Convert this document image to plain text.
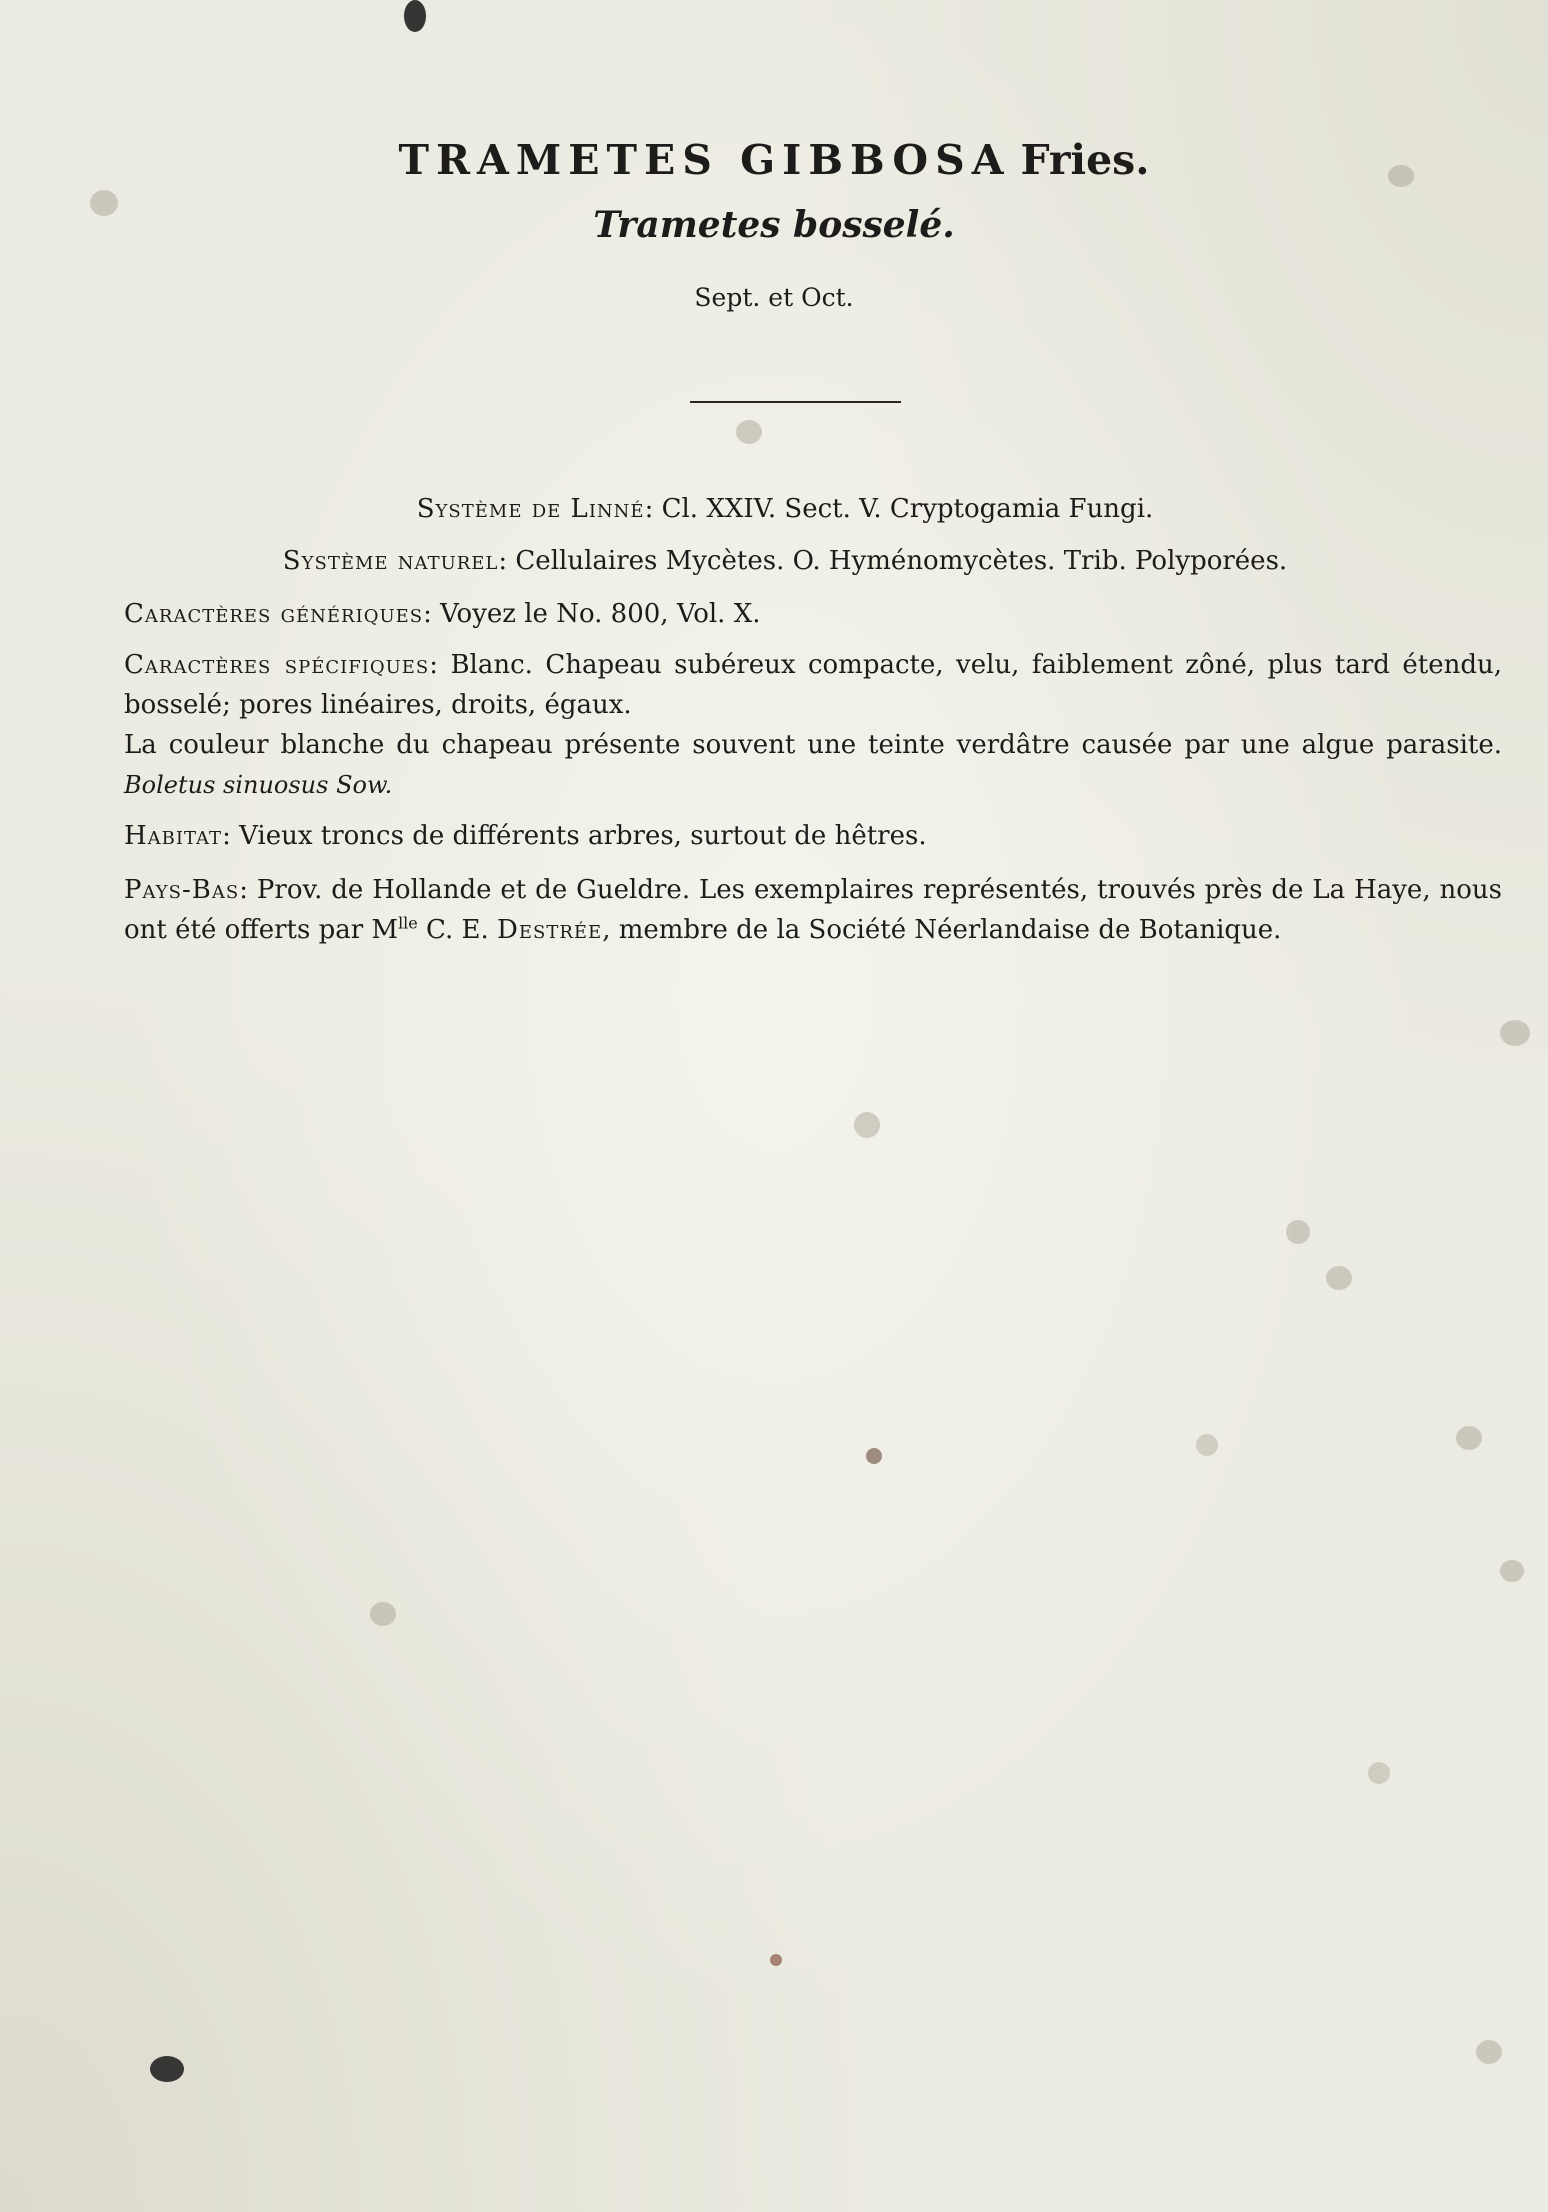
TRAMETES GIBBOSA Fries.
Trametes bosselé.
Sept. et Oct.
Système de Linné: Cl. XXIV. Sect. V. Cryptogamia Fungi.
Système naturel: Cellulaires Mycètes. O. Hyménomycètes. Trib. Polyporées.

Caractères génériques: Voyez le No. 800, Vol. X.

Caractères spécifiques: Blanc. Chapeau subéreux compacte, velu, faiblement zôné, plus tard étendu, bosselé; pores linéaires, droits, égaux.

La couleur blanche du chapeau présente souvent une teinte verdâtre causée par une algue parasite. Boletus sinuosus Sow.

Habitat: Vieux troncs de différents arbres, surtout de hêtres.

Pays-Bas: Prov. de Hollande et de Gueldre. Les exemplaires représentés, trouvés près de La Haye, nous ont été offerts par $M^{lle}$ C. E. Destrée, membre de la Société Néerlandaise de Botanique.
